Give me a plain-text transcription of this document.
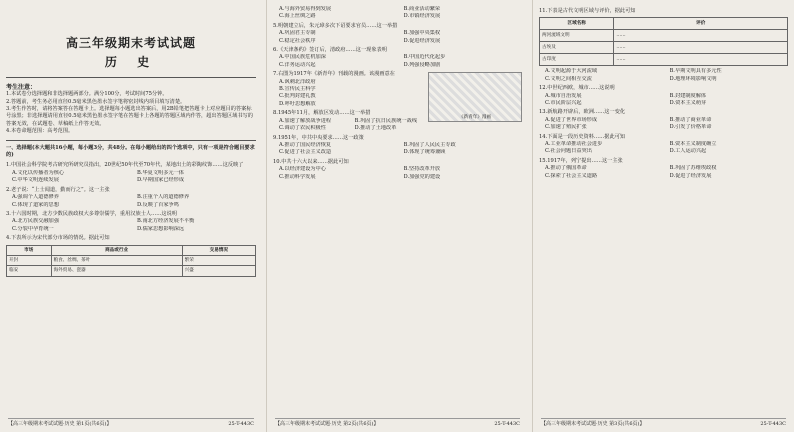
高三年级期末考试试题
历 史
考生注意：

1.本试卷分选择题和非选择题两部分。满分100分，考试时间75分钟。

2.答题前，考生务必用直径0.5毫米黑色墨水签字笔将密封线内项目填写清楚。

3.考生作答时，请将答案答在答题卡上。选择题每小题选出答案后，用2B铅笔把答题卡上对应题目的答案标号涂黑；非选择题请用直径0.5毫米黑色墨水签字笔在答题卡上各题的答题区域内作答，超出答题区域书写的答案无效，在试题卷、草稿纸上作答无效。

4.本卷命题范围：高考范围。

一、选择题(本大题共16小题，每小题3分，共48分。在每小题给出的四个选项中，只有一项是符合题目要求的)
1.中国社会科学院考古研究所研究员指出，20世纪50年代至70年代，某地出土的彩陶纹饰……这反映了
A.文化以传播者为核心	B.华夏文明多元一体
C.中华文明连续发展	D.早期国家已经形成
2.老子说：“上士闻道，勤而行之”。这一主张
A.强调个人道德修养	B.注重个人的道德修养
C.体现了道家的思想	D.反映了百家争鸣
3.十六国时期，北方少数民族政权大多尊崇儒学，重用汉族士人……这说明
A.北方民族交融加强	B.南北方经济发展不平衡
C.分裂中孕育统一	D.儒家思想影响深远
4.下表所示为宋代部分市场的情况。据此可知
市场	商品或行业	交易情况
开封	粮食、丝绸、茶叶	繁荣
临安	海外贸易、瓷器	兴盛
【高三年级期末考试试题·历史 第1页(共6页)】	25-T-443C
A.与海外贸易得到发展	B.商业活动繁荣
C.海上丝绸之路	D.市镇经济发展
5.明朝建立后，朱元璋多次下诏要求官员……这一举措
A.巩固君主专制	B.加强中央集权
C.稳定社会秩序	D.促进经济发展
6.《天津条约》签订后，清政府……这一现象表明
A.中国民族危机加深	B.中国近代化起步
C.洋务运动兴起	D.列强侵略加剧
《新青年》漫画
7.右图为1917年《新青年》刊载的漫画。该漫画意在
A.讽刺北洋政府
B.宣传民主科学
C.批判封建礼教
D.呼吁思想解放
8.1945年11月，解放区发动……这一举措
A.加速了解放战争进程	B.巩固了抗日民族统一战线
C.调动了农民积极性	D.推动了土地改革
9.1951年，中共中央要求……这一政策
A.推动了国民经济恢复	B.巩固了人民民主专政
C.促进了社会主义改造	D.体现了统筹兼顾
10.中共十六大以来……据此可知
A.以经济建设为中心	B.坚持改革开放
C.推动科学发展	D.加强党的建设
【高三年级期末考试试题·历史 第2页(共6页)】	25-T-443C
11.下表是古代文明区域与评价，据此可知
区域名称	评价
两河流域文明	……
古埃及	……
古印度	……
A.文明起源于大河流域	B.早期文明具有多元性
C.文明之间相互交流	D.地理环境影响文明
12.中世纪西欧，城市……这说明
A.城市自治发展	B.封建制度解体
C.市民阶层兴起	D.资本主义萌芽
13.新航路开辟后，欧洲……这一变化
A.促进了世界市场形成	B.推动了商业革命
C.加速了殖民扩张	D.引发了价格革命
14.下面是一段历史资料……据此可知
A.工业革命推动社会进步	B.资本主义制度确立
C.社会问题日益突出	D.工人运动兴起
15.1917年，列宁提出……这一主张
A.推动了俄国革命	B.巩固了苏维埃政权
C.探索了社会主义道路	D.促进了经济发展
【高三年级期末考试试题·历史 第3页(共6页)】	25-T-443C
